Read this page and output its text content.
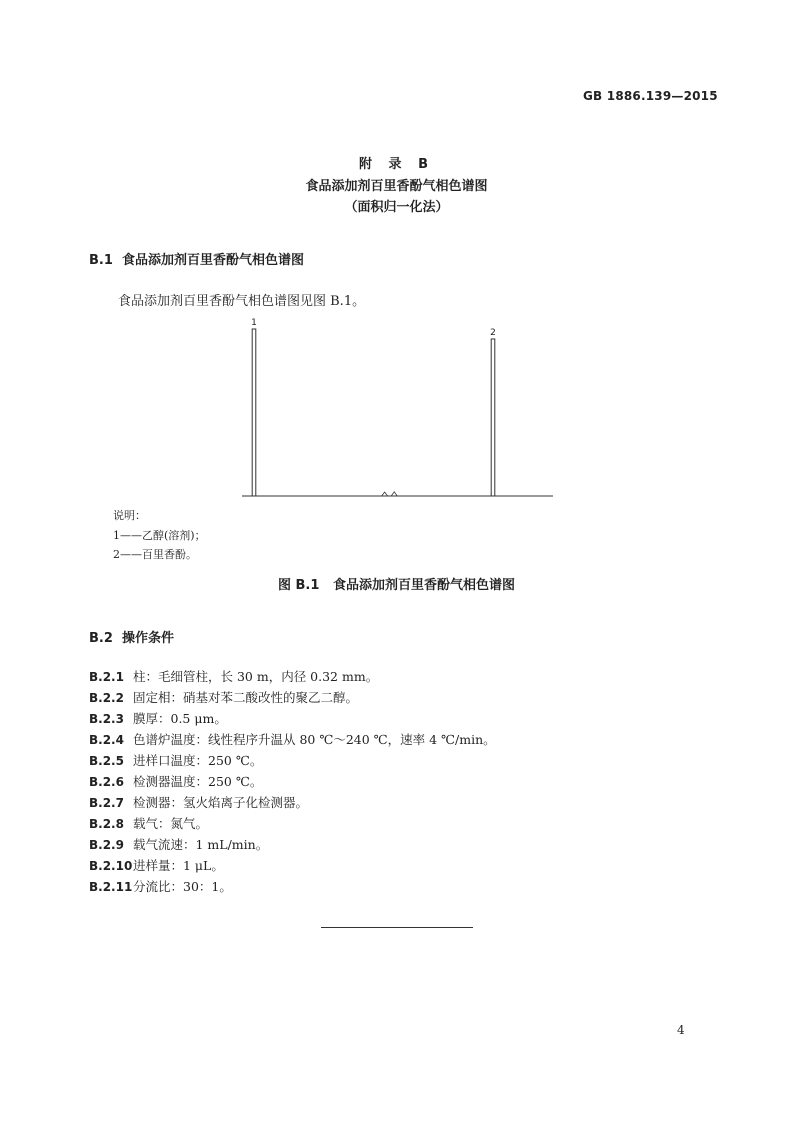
GB 1886.139—2015
附 录 B
食品添加剂百里香酚气相色谱图
（面积归一化法）
B.1 食品添加剂百里香酚气相色谱图
食品添加剂百里香酚气相色谱图见图 B.1。
1
2
说明：
1——乙醇(溶剂)；
2——百里香酚。
图 B.1   食品添加剂百里香酚气相色谱图
B.2 操作条件
B.2.1 柱：毛细管柱，长 30 m，内径 0.32 mm。
B.2.2 固定相：硝基对苯二酸改性的聚乙二醇。
B.2.3 膜厚：0.5 μm。
B.2.4 色谱炉温度：线性程序升温从 80 ℃～240 ℃，速率 4 ℃/min。
B.2.5 进样口温度：250 ℃。
B.2.6 检测器温度：250 ℃。
B.2.7 检测器：氢火焰离子化检测器。
B.2.8 载气：氮气。
B.2.9 载气流速：1 mL/min。
B.2.10进样量：1 μL。
B.2.11分流比：30：1。
4
